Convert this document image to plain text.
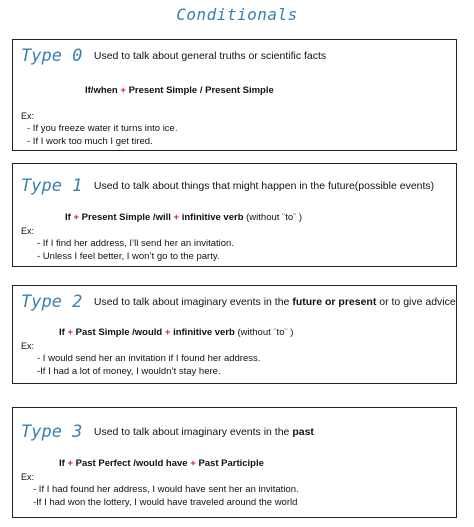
Conditionals
Type 0 Used to talk about general truths or scientific facts
If/when + Present Simple / Present Simple
Ex:
- If you freeze water it turns into ice.
- If I work too much I get tired.
Type 1 Used to talk about things that might happen in the future(possible events)
If + Present Simple /will + infinitive verb (without ¨to¨ )
Ex:
- If I find her address, I’ll send her an invitation.
- Unless I feel better, I won’t go to the party.
Type 2 Used to talk about imaginary events in the future or present or to give advice
If + Past Simple /would + infinitive verb (without ¨to¨ )
Ex:
- I would send her an invitation if I found her address.
-If I had a lot of money, I wouldn’t stay here.
Type 3 Used to talk about imaginary events in the past
If + Past Perfect /would have + Past Participle
Ex:
- If I had found her address, I would have sent her an invitation.
-If I had won the lottery, I would have traveled around the world
